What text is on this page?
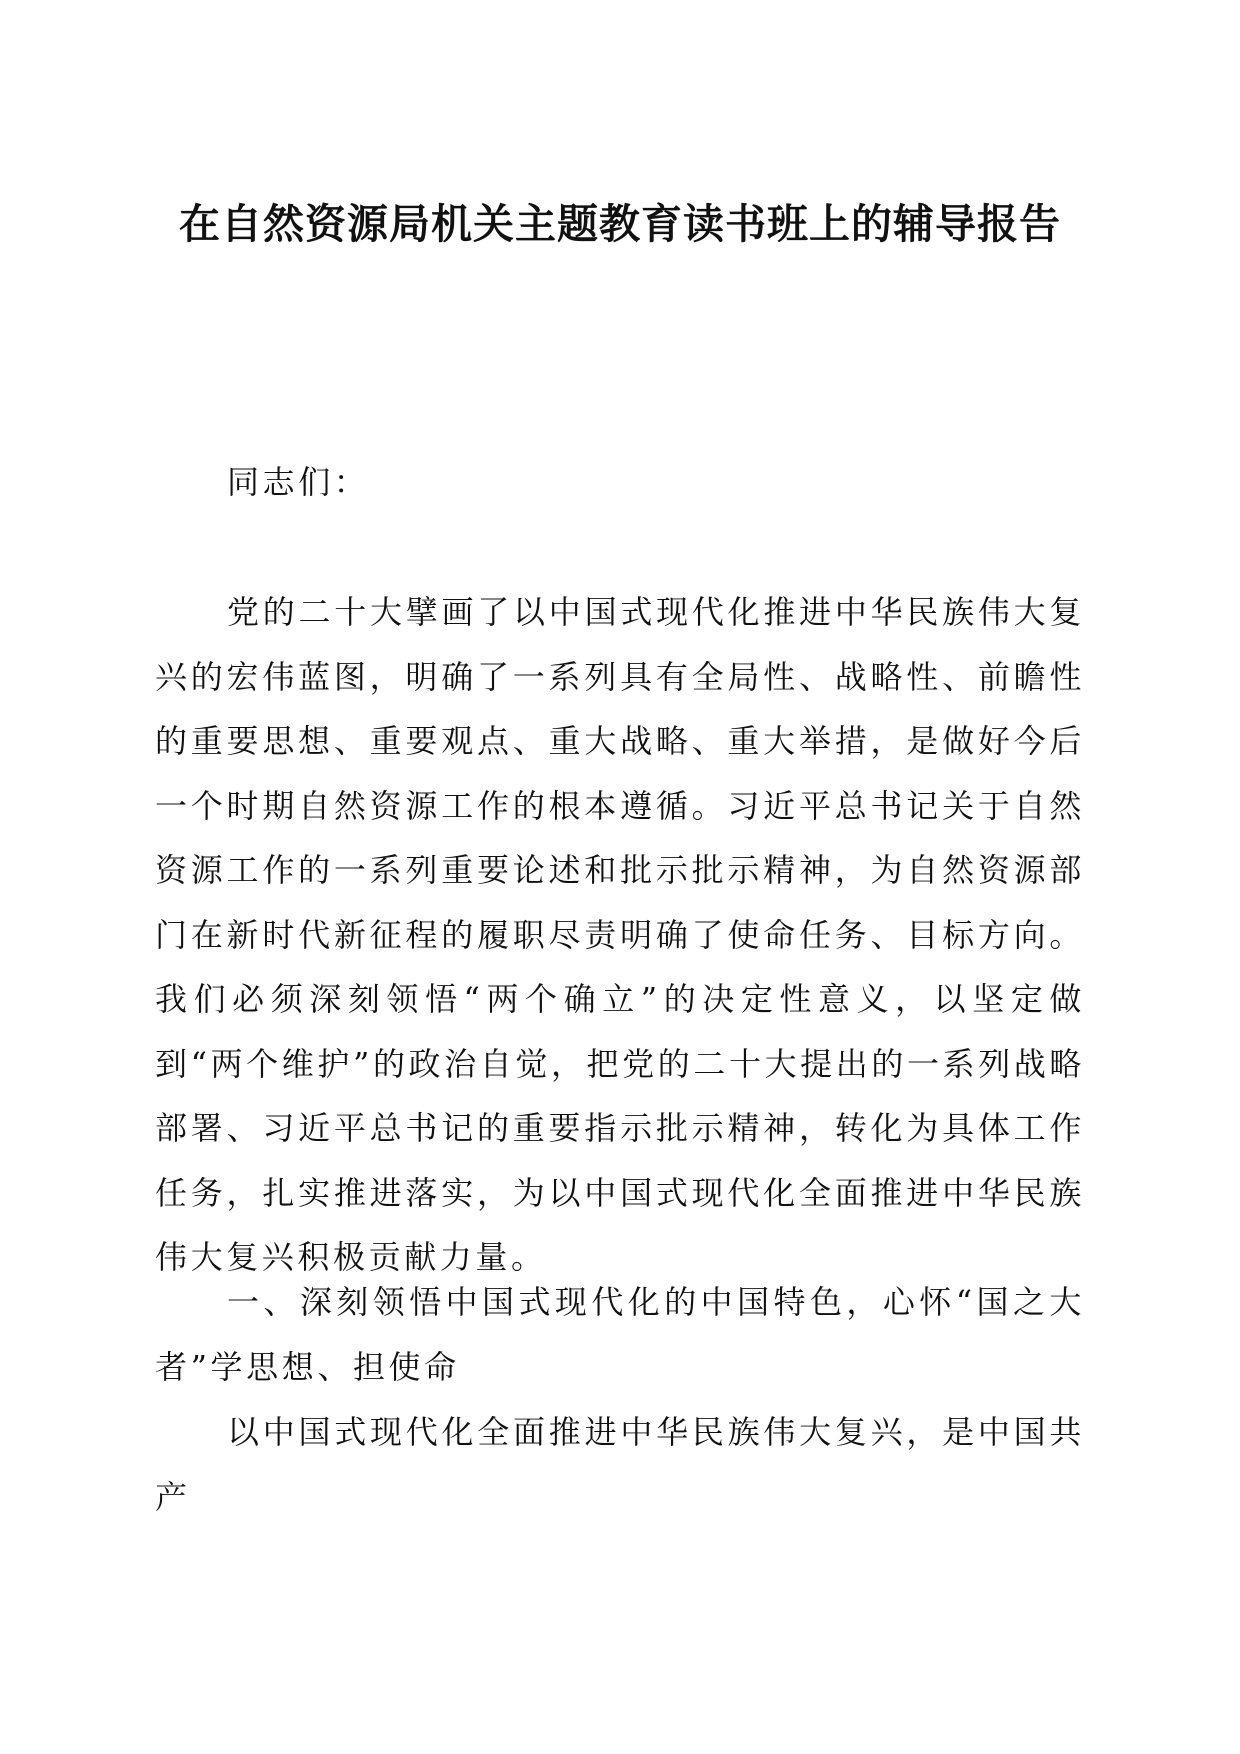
在自然资源局机关主题教育读书班上的辅导报告

同志们：

党的二十大擘画了以中国式现代化推进中华民族伟大复兴的宏伟蓝图，明确了一系列具有全局性、战略性、前瞻性的重要思想、重要观点、重大战略、重大举措，是做好今后一个时期自然资源工作的根本遵循。习近平总书记关于自然资源工作的一系列重要论述和批示批示精神，为自然资源部门在新时代新征程的履职尽责明确了使命任务、目标方向。我们必须深刻领悟“两个确立”的决定性意义，以坚定做到“两个维护”的政治自觉，把党的二十大提出的一系列战略部署、习近平总书记的重要指示批示精神，转化为具体工作任务，扎实推进落实，为以中国式现代化全面推进中华民族伟大复兴积极贡献力量。

一、深刻领悟中国式现代化的中国特色，心怀“国之大者”学思想、担使命

以中国式现代化全面推进中华民族伟大复兴，是中国共产
